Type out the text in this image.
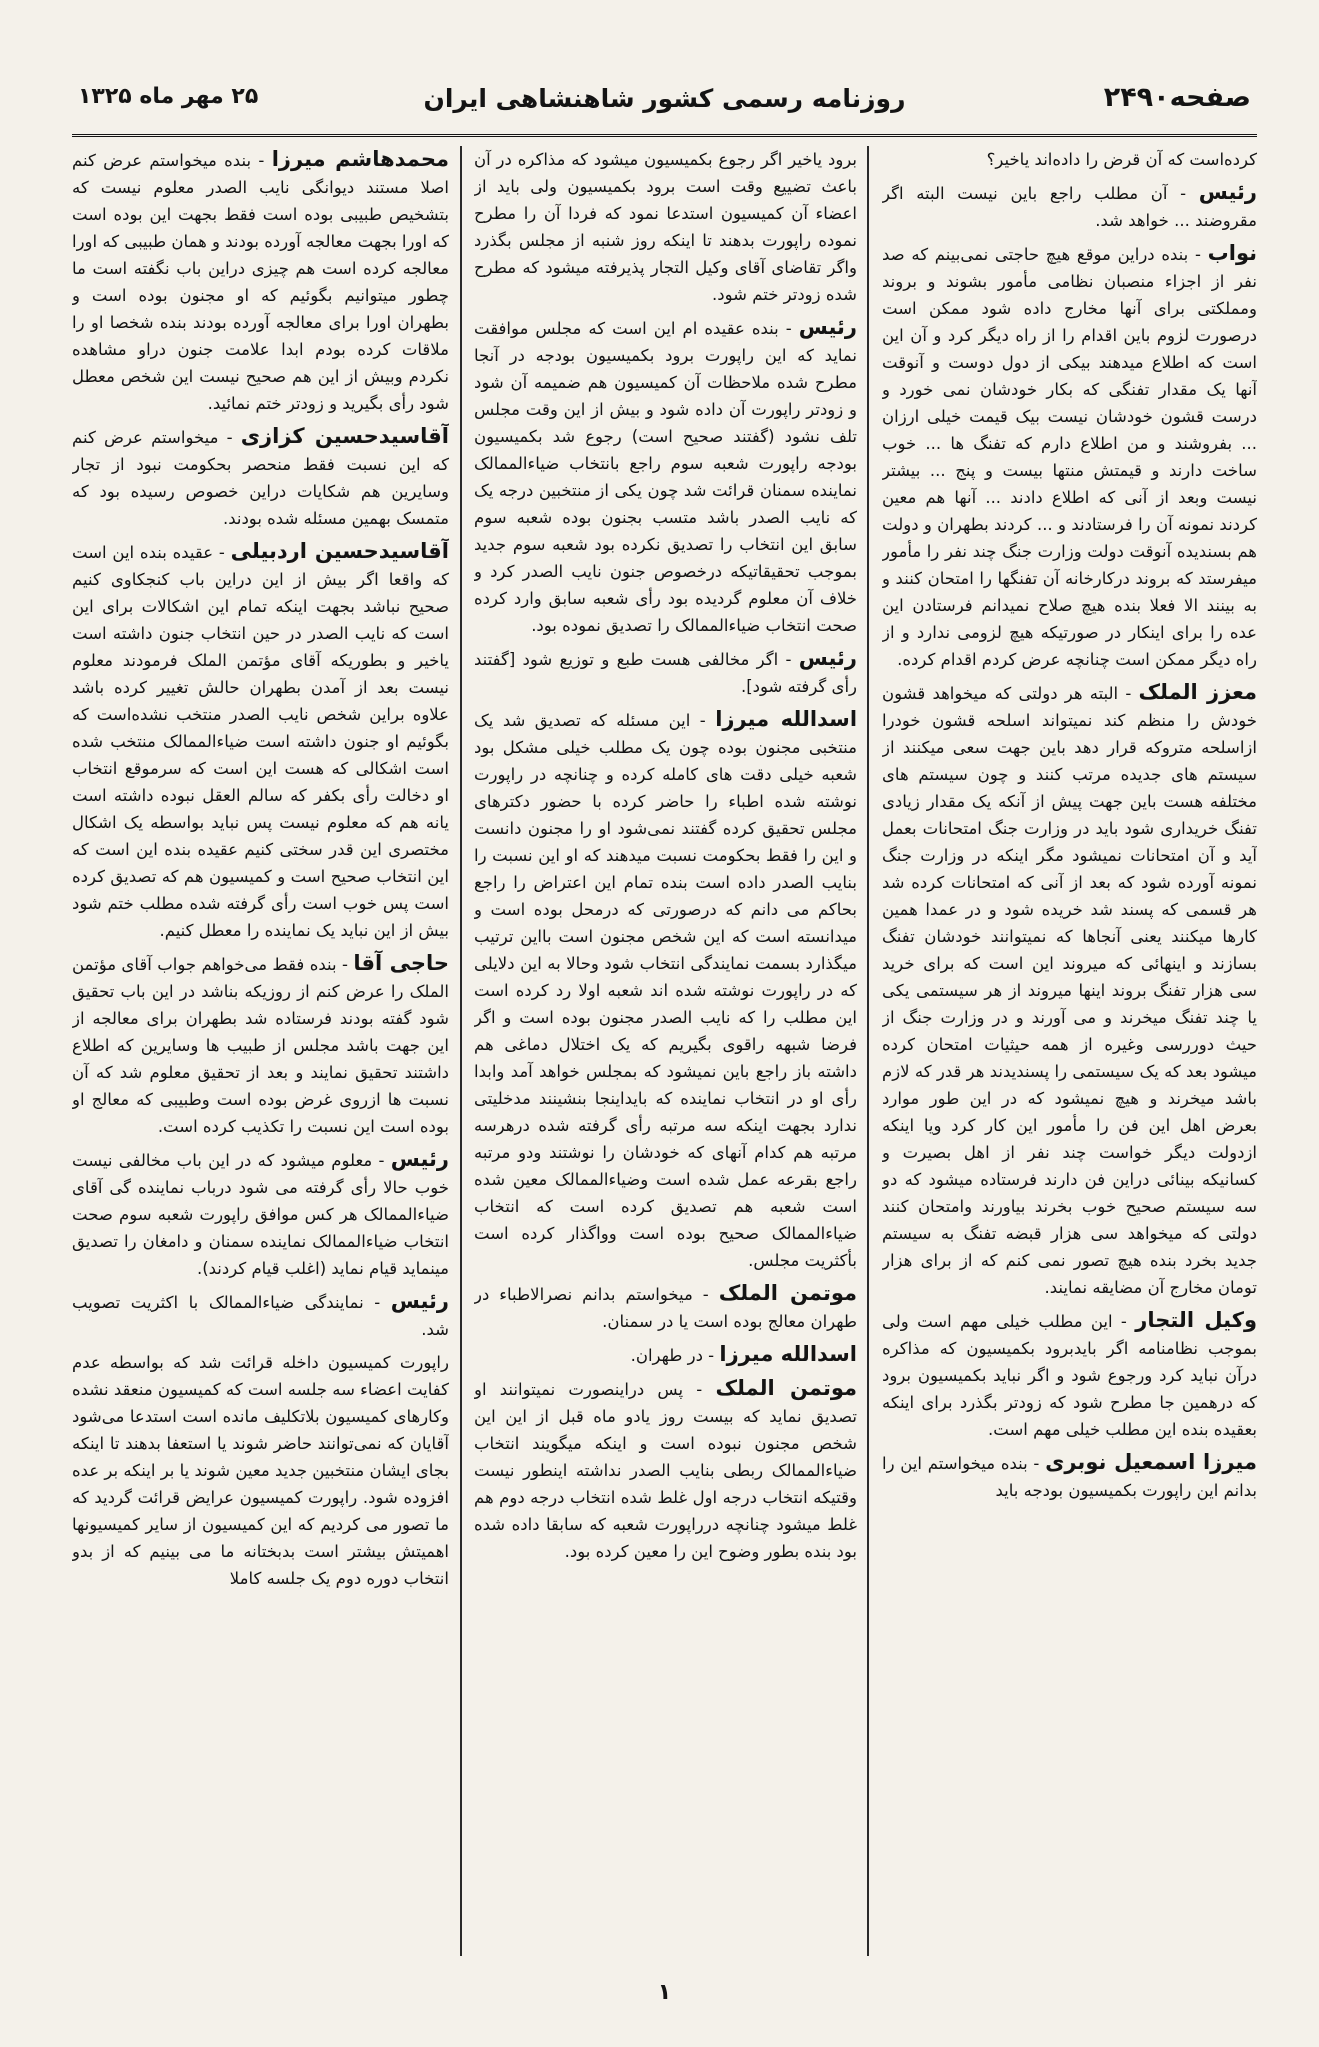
صفحه۲۴۹۰
روزنامه رسمی کشور شاهنشاهی ایران
۲۵ مهر ماه ۱۳۲۵

کرده‌است که آن قرض را داده‌اند یاخیر؟

رئیس - آن مطلب راجع باین نیست البته اگر مقروضند ... خواهد شد.

نواب - بنده دراین موقع هیچ حاجتی نمی‌بینم که صد نفر از اجزاء منصبان نظامی مأمور بشوند و بروند ومملکتی برای آنها مخارج داده شود ممکن است درصورت لزوم باین اقدام را از راه دیگر کرد و آن این است که اطلاع میدهند بیکی از دول دوست و آنوقت آنها یک مقدار تفنگی که بکار خودشان نمی خورد و درست قشون خودشان نیست بیک قیمت خیلی ارزان ... بفروشند و من اطلاع دارم که تفنگ ها ... خوب ساخت دارند و قیمتش منتها بیست و پنج ... بیشتر نیست وبعد از آنی که اطلاع دادند ... آنها هم معین کردند نمونه آن را فرستادند و ... کردند بطهران و دولت هم بسندیده آنوقت دولت وزارت جنگ چند نفر را مأمور میفرستد که بروند درکارخانه آن تفنگها را امتحان کنند و به بینند الا فعلا بنده هیچ صلاح نمیدانم فرستادن این عده را برای اینکار در صورتیکه هیچ لزومی ندارد و از راه دیگر ممکن است چنانچه عرض کردم اقدام کرده.

معزز الملک - البته هر دولتی که میخواهد قشون خودش را منظم کند نمیتواند اسلحه قشون خودرا ازاسلحه متروکه قرار دهد باین جهت سعی میکنند از سیستم های جدیده مرتب کنند و چون سیستم های مختلفه هست باین جهت پیش از آنکه یک مقدار زیادی تفنگ خریداری شود باید در وزارت جنگ امتحانات بعمل آید و آن امتحانات نمیشود مگر اینکه در وزارت جنگ نمونه آورده شود که بعد از آنی که امتحانات کرده شد هر قسمی که پسند شد خریده شود و در عمدا همین کارها میکنند یعنی آنجاها که نمیتوانند خودشان تفنگ بسازند و اینهائی که میروند این است که برای خرید سی هزار تفنگ بروند اینها میروند از هر سیستمی یکی یا چند تفنگ میخرند و می آورند و در وزارت جنگ از حیث دوررسی وغیره از همه حیثیات امتحان کرده میشود بعد که یک سیستمی را پسندیدند هر قدر که لازم باشد میخرند و هیچ نمیشود که در این طور موارد بعرض اهل این فن را مأمور این کار کرد ویا اینکه ازدولت دیگر خواست چند نفر از اهل بصیرت و کسانیکه بینائی دراین فن دارند فرستاده میشود که دو سه سیستم صحیح خوب بخرند بیاورند وامتحان کنند دولتی که میخواهد سی هزار قبضه تفنگ به سیستم جدید بخرد بنده هیچ تصور نمی کنم که از برای هزار تومان مخارج آن مضایقه نمایند.

وکیل التجار - این مطلب خیلی مهم است ولی بموجب نظامنامه اگر بایدبرود بکمیسیون که مذاکره درآن نباید کرد ورجوع شود و اگر نباید بکمیسیون برود که درهمین جا مطرح شود که زودتر بگذرد برای اینکه بعقیده بنده این مطلب خیلی مهم است.

میرزا اسمعیل نوبری - بنده میخواستم این را بدانم این راپورت بکمیسیون بودجه باید

برود یاخیر اگر رجوع بکمیسیون میشود که مذاکره در آن باعث تضییع وقت است برود بکمیسیون ولی باید از اعضاء آن کمیسیون استدعا نمود که فردا آن را مطرح نموده راپورت بدهند تا اینکه روز شنبه از مجلس بگذرد واگر تقاضای آقای وکیل التجار پذیرفته میشود که مطرح شده زودتر ختم شود.

رئیس - بنده عقیده ام این است که مجلس موافقت نماید که این راپورت برود بکمیسیون بودجه در آنجا مطرح شده ملاحظات آن کمیسیون هم ضمیمه آن شود و زودتر راپورت آن داده شود و بیش از این وقت مجلس تلف نشود (گفتند صحیح است) رجوع شد بکمیسیون بودجه راپورت شعبه سوم راجع بانتخاب ضیاءالممالک نماینده سمنان قرائت شد چون یکی از منتخبین درجه یک که نایب الصدر باشد متسب بجنون بوده شعبه سوم سابق این انتخاب را تصدیق نکرده بود شعبه سوم جدید بموجب تحقیقاتیکه درخصوص جنون نایب الصدر کرد و خلاف آن معلوم گردیده بود رأی شعبه سابق وارد کرده صحت انتخاب ضیاءالممالک را تصدیق نموده بود.

رئیس - اگر مخالفی هست طبع و توزیع شود [گفتند رأی گرفته شود].

اسدالله میرزا - این مسئله که تصدیق شد یک منتخبی مجنون بوده چون یک مطلب خیلی مشکل بود شعبه خیلی دقت های کامله کرده و چنانچه در راپورت نوشته شده اطباء را حاضر کرده با حضور دکترهای مجلس تحقیق کرده گفتند نمی‌شود او را مجنون دانست و این را فقط بحکومت نسبت میدهند که او این نسبت را بنایب الصدر داده است بنده تمام این اعتراض را راجع بحاکم می دانم که درصورتی که درمحل بوده است و میدانسته است که این شخص مجنون است بااین ترتیب میگذارد بسمت نمایندگی انتخاب شود وحالا به این دلایلی که در راپورت نوشته شده اند شعبه اولا رد کرده است این مطلب را که نایب الصدر مجنون بوده است و اگر فرضا شبهه راقوی بگیریم که یک اختلال دماغی هم داشته باز راجع باین نمیشود که بمجلس خواهد آمد وابدا رأی او در انتخاب نماینده که بایداینجا بنشینند مدخلیتی ندارد بجهت اینکه سه مرتبه رأی گرفته شده درهرسه مرتبه هم کدام آنهای که خودشان را نوشتند ودو مرتبه راجع بقرعه عمل شده است وضیاءالممالک معین شده است شعبه هم تصدیق کرده است که انتخاب ضیاءالممالک صحیح بوده است وواگذار کرده است بأکثریت مجلس.

موتمن الملک - میخواستم بدانم نصرالاطباء در طهران معالج بوده است یا در سمنان.

اسدالله میرزا - در طهران.

موتمن الملک - پس دراینصورت نمیتوانند او تصدیق نماید که بیست روز یادو ماه قبل از این این شخص مجنون نبوده است و اینکه میگویند انتخاب ضیاءالممالک ربطی بنایب الصدر نداشته اینطور نیست وقتیکه انتخاب درجه اول غلط شده انتخاب درجه دوم هم غلط میشود چنانچه درراپورت شعبه که سابقا داده شده بود بنده بطور وضوح این را معین کرده بود.

محمدهاشم میرزا - بنده میخواستم عرض کنم اصلا مستند دیوانگی نایب الصدر معلوم نیست که بتشخیص طبیبی بوده است فقط بجهت این بوده است که اورا بجهت معالجه آورده بودند و همان طبیبی که اورا معالجه کرده است هم چیزی دراین باب نگفته است ما چطور میتوانیم بگوئیم که او مجنون بوده است و بطهران اورا برای معالجه آورده بودند بنده شخصا او را ملاقات کرده بودم ابدا علامت جنون دراو مشاهده نکردم وبیش از این هم صحیح نیست این شخص معطل شود رأی بگیرید و زودتر ختم نمائید.

آقاسیدحسین کزازی - میخواستم عرض کنم که این نسبت فقط منحصر بحکومت نبود از تجار وسایرین هم شکایات دراین خصوص رسیده بود که متمسک بهمین مسئله شده بودند.

آقاسیدحسین اردبیلی - عقیده بنده این است که واقعا اگر بیش از این دراین باب کنجکاوی کنیم صحیح نباشد بجهت اینکه تمام این اشکالات برای این است که نایب الصدر در حین انتخاب جنون داشته است یاخیر و بطوریکه آقای مؤتمن الملک فرمودند معلوم نیست بعد از آمدن بطهران حالش تغییر کرده باشد علاوه براین شخص نایب الصدر منتخب نشده‌است که بگوئیم او جنون داشته است ضیاءالممالک منتخب شده است اشکالی که هست این است که سرموقع انتخاب او دخالت رأی بکفر که سالم العقل نبوده داشته است یانه هم که معلوم نیست پس نباید بواسطه یک اشکال مختصری این قدر سختی کنیم عقیده بنده این است که این انتخاب صحیح است و کمیسیون هم که تصدیق کرده است پس خوب است رأی گرفته شده مطلب ختم شود بیش از این نباید یک نماینده را معطل کنیم.

حاجی آقا - بنده فقط می‌خواهم جواب آقای مؤتمن الملک را عرض کنم از روزیکه بناشد در این باب تحقیق شود گفته بودند فرستاده شد بطهران برای معالجه از این جهت باشد مجلس از طبیب ها وسایرین که اطلاع داشتند تحقیق نمایند و بعد از تحقیق معلوم شد که آن نسبت ها ازروی غرض بوده است وطبیبی که معالج او بوده است این نسبت را تکذیب کرده است.

رئیس - معلوم میشود که در این باب مخالفی نیست خوب حالا رأی گرفته می شود درباب نماینده گی آقای ضیاءالممالک هر کس موافق راپورت شعبه سوم صحت انتخاب ضیاءالممالک نماینده سمنان و دامغان را تصدیق مینماید قیام نماید (اغلب قیام کردند).

رئیس - نمایندگی ضیاءالممالک با اکثریت تصویب شد.

راپورت کمیسیون داخله قرائت شد که بواسطه عدم کفایت اعضاء سه جلسه است که کمیسیون منعقد نشده وکارهای کمیسیون بلاتکلیف مانده است استدعا می‌شود آقایان که نمی‌توانند حاضر شوند یا استعفا بدهند تا اینکه بجای ایشان منتخبین جدید معین شوند یا بر اینکه بر عده افزوده شود. راپورت کمیسیون عرایض قرائت گردید که ما تصور می کردیم که این کمیسیون از سایر کمیسیونها اهمیتش بیشتر است بدبختانه ما می بینیم که از بدو انتخاب دوره دوم یک جلسه کاملا

۱
